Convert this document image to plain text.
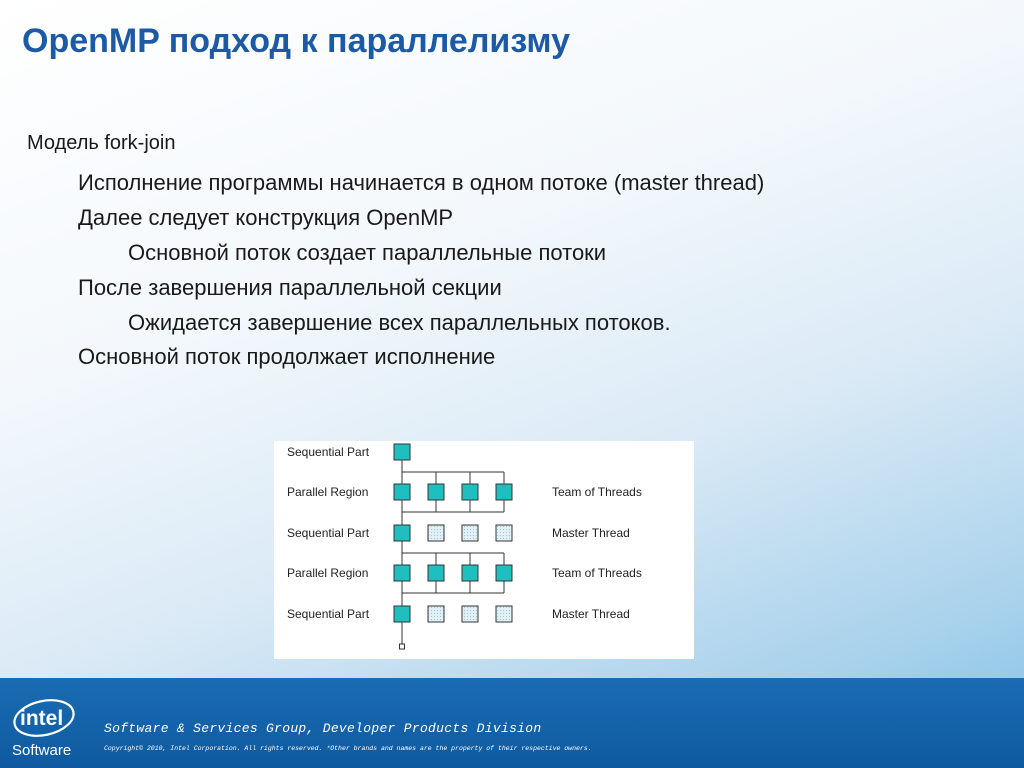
OpenMP подход к параллелизму
Модель fork-join
Исполнение программы начинается в одном потоке (master thread)
Далее следует конструкция OpenMP
Основной поток создает параллельные потоки
После завершения параллельной секции
Ожидается завершение всех параллельных потоков.
Основной поток продолжает исполнение
Sequential Part
Parallel Region	Team of Threads
Sequential Part	Master Thread
Parallel Region	Team of Threads
Sequential Part	Master Thread
intel
Software
Software & Services Group, Developer Products Division
Copyright© 2010, Intel Corporation. All rights reserved. *Other brands and names are the property of their respective owners.
